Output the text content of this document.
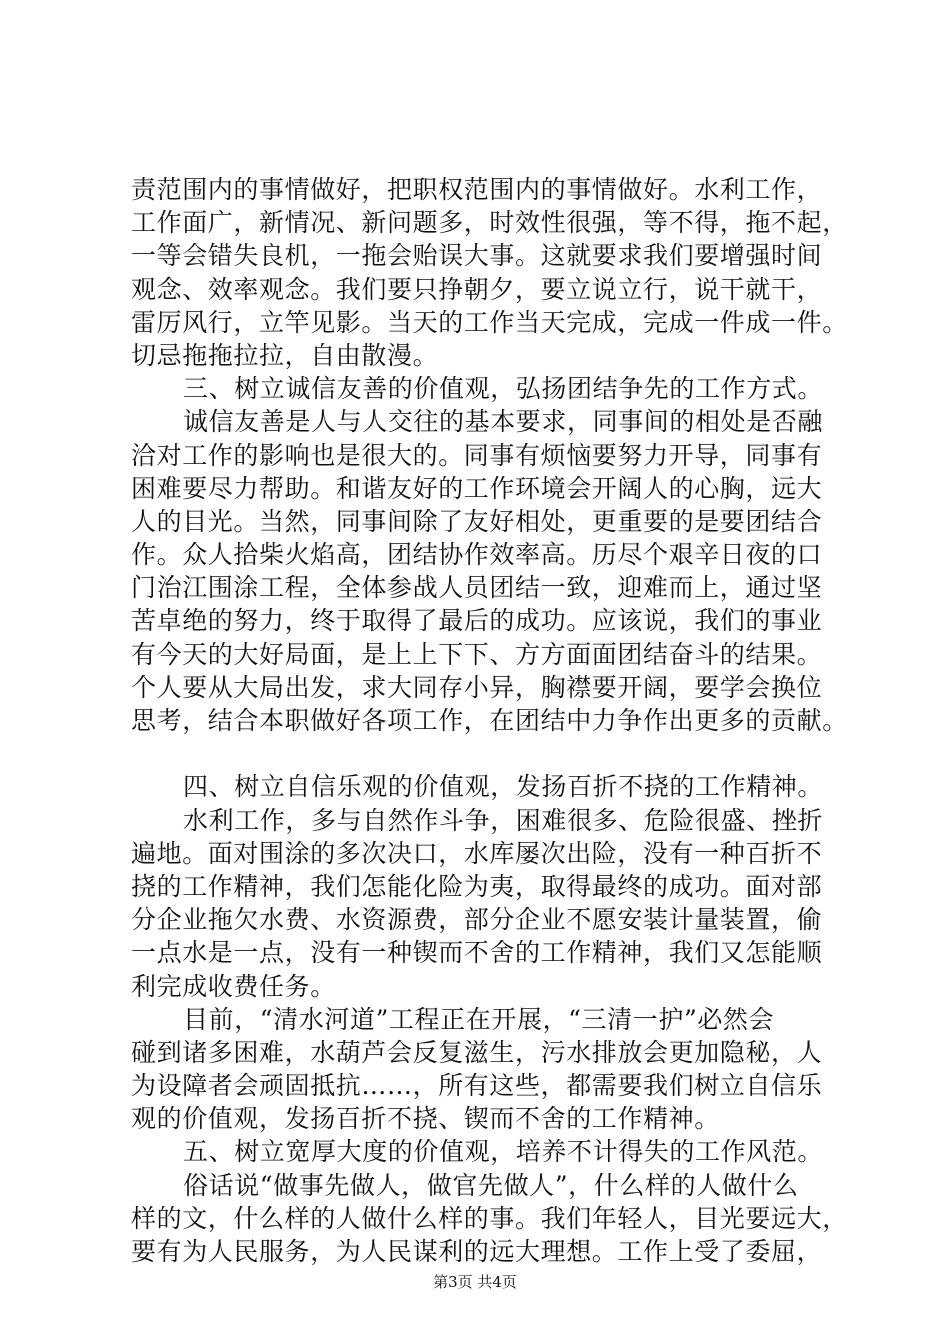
责范围内的事情做好，把职权范围内的事情做好。水利工作，
工作面广，新情况、新问题多，时效性很强，等不得，拖不起，
一等会错失良机，一拖会贻误大事。这就要求我们要增强时间
观念、效率观念。我们要只挣朝夕，要立说立行，说干就干，
雷厉风行，立竿见影。当天的工作当天完成，完成一件成一件。
切忌拖拖拉拉，自由散漫。
三、树立诚信友善的价值观，弘扬团结争先的工作方式。
诚信友善是人与人交往的基本要求，同事间的相处是否融
洽对工作的影响也是很大的。同事有烦恼要努力开导，同事有
困难要尽力帮助。和谐友好的工作环境会开阔人的心胸，远大
人的目光。当然，同事间除了友好相处，更重要的是要团结合
作。众人拾柴火焰高，团结协作效率高。历尽个艰辛日夜的口
门治江围涂工程，全体参战人员团结一致，迎难而上，通过坚
苦卓绝的努力，终于取得了最后的成功。应该说，我们的事业
有今天的大好局面，是上上下下、方方面面团结奋斗的结果。
个人要从大局出发，求大同存小异，胸襟要开阔，要学会换位
思考，结合本职做好各项工作，在团结中力争作出更多的贡献。
四、树立自信乐观的价值观，发扬百折不挠的工作精神。
水利工作，多与自然作斗争，困难很多、危险很盛、挫折
遍地。面对围涂的多次决口，水库屡次出险，没有一种百折不
挠的工作精神，我们怎能化险为夷，取得最终的成功。面对部
分企业拖欠水费、水资源费，部分企业不愿安装计量装置，偷
一点水是一点，没有一种锲而不舍的工作精神，我们又怎能顺
利完成收费任务。
目前，“清水河道”工程正在开展，“三清一护”必然会
碰到诸多困难，水葫芦会反复滋生，污水排放会更加隐秘，人
为设障者会顽固抵抗……，所有这些，都需要我们树立自信乐
观的价值观，发扬百折不挠、锲而不舍的工作精神。
五、树立宽厚大度的价值观，培养不计得失的工作风范。
俗话说“做事先做人，做官先做人”，什么样的人做什么
样的文，什么样的人做什么样的事。我们年轻人，目光要远大，
要有为人民服务，为人民谋利的远大理想。工作上受了委屈，
第3页 共4页
